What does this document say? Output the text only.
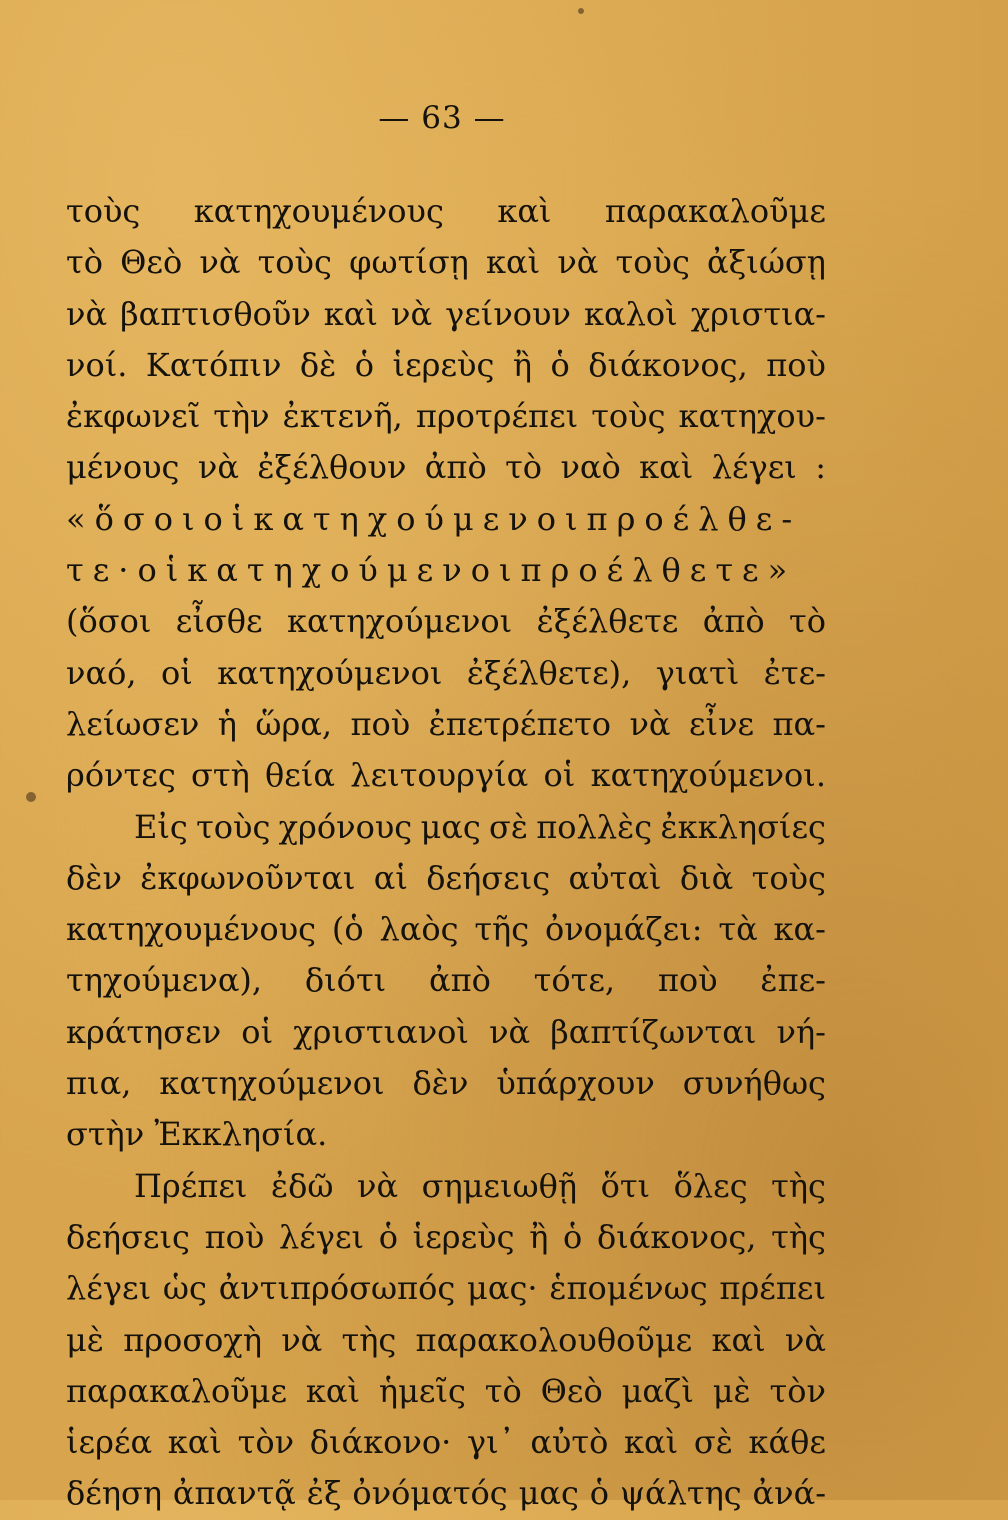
— 63 —
τοὺς κατηχουμένους καὶ παρακαλοῦμε
τὸ Θεὸ νὰ τοὺς φωτίσῃ καὶ νὰ τοὺς ἀξιώσῃ
νὰ βαπτισθοῦν καὶ νὰ γείνουν καλοὶ χριστια-
νοί. Κατόπιν δὲ ὁ ἱερεὺς ἢ ὁ διάκονος, ποὺ
ἐκφωνεῖ τὴν ἐκτενῆ, προτρέπει τοὺς κατηχου-
μένους νὰ ἐξέλθουν ἀπὸ τὸ ναὸ καὶ λέγει :
«ὅσοιοἱκατηχούμενοιπροέλθε-
τε·οἱκατηχούμενοιπροέλθετε»
(ὅσοι εἶσθε κατηχούμενοι ἐξέλθετε ἀπὸ τὸ
ναό, οἱ κατηχούμενοι ἐξέλθετε), γιατὶ ἐτε-
λείωσεν ἡ ὥρα, ποὺ ἐπετρέπετο νὰ εἶνε πα-
ρόντες στὴ θεία λειτουργία οἱ κατηχούμενοι.
Εἰς τοὺς χρόνους μας σὲ πολλὲς ἐκκλησίες
δὲν ἐκφωνοῦνται αἱ δεήσεις αὐταὶ διὰ τοὺς
κατηχουμένους (ὁ λαὸς τῆς ὀνομάζει: τὰ κα-
τηχούμενα), διότι ἀπὸ τότε, ποὺ ἐπε-
κράτησεν οἱ χριστιανοὶ νὰ βαπτίζωνται νή-
πια, κατηχούμενοι δὲν ὑπάρχουν συνήθως
στὴν Ἐκκλησία.
Πρέπει ἐδῶ νὰ σημειωθῇ ὅτι ὅλες τὴς
δεήσεις ποὺ λέγει ὁ ἱερεὺς ἢ ὁ διάκονος, τὴς
λέγει ὡς ἀντιπρόσωπός μας· ἑπομένως πρέπει
μὲ προσοχὴ νὰ τὴς παρακολουθοῦμε καὶ νὰ
παρακαλοῦμε καὶ ἡμεῖς τὸ Θεὸ μαζὶ μὲ τὸν
ἱερέα καὶ τὸν διάκονο· γι᾽ αὐτὸ καὶ σὲ κάθε
δέηση ἀπαντᾷ ἐξ ὀνόματός μας ὁ ψάλτης ἀνά-
